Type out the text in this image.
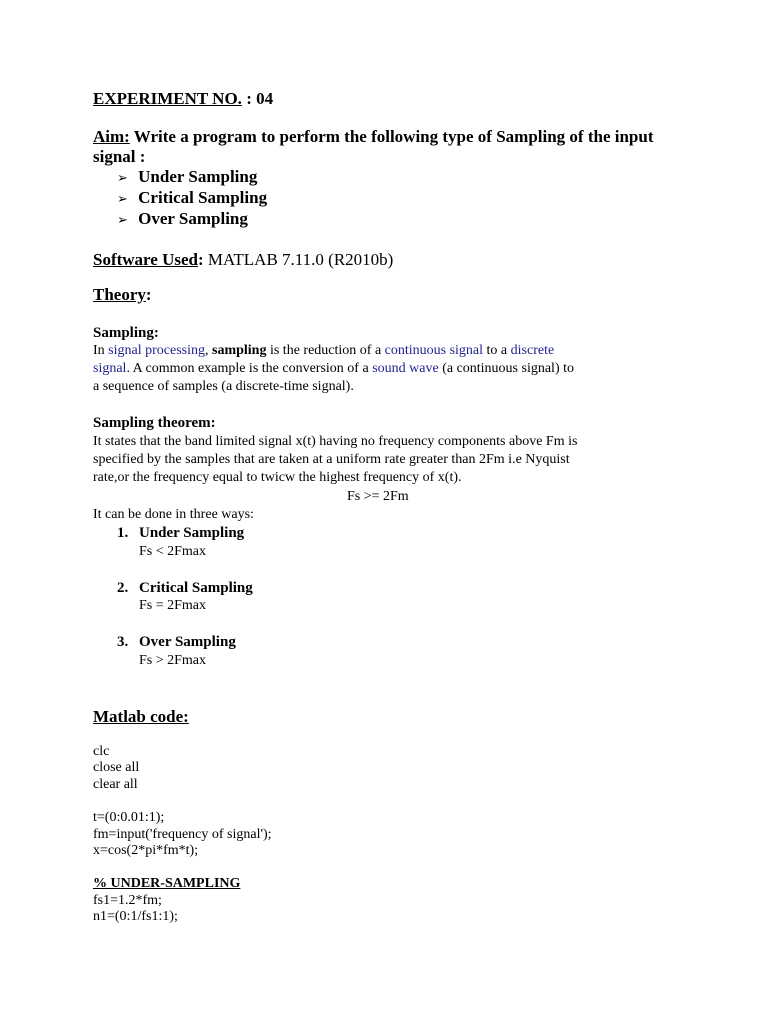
EXPERIMENT NO. : 04
Aim: Write a program to perform the following type of Sampling of the input
signal :
➢ Under Sampling
➢ Critical Sampling
➢ Over Sampling
Software Used: MATLAB 7.11.0 (R2010b)
Theory:
Sampling:
In signal processing, sampling is the reduction of a continuous signal to a discrete
signal. A common example is the conversion of a sound wave (a continuous signal) to
a sequence of samples (a discrete-time signal).
Sampling theorem:
It states that the band limited signal x(t) having no frequency components above Fm is
specified by the samples that are taken at a uniform rate greater than 2Fm i.e Nyquist
rate,or the frequency equal to twicw the highest frequency of x(t).
Fs >= 2Fm
It can be done in three ways:
1. Under Sampling
Fs < 2Fmax
2. Critical Sampling
Fs = 2Fmax
3. Over Sampling
Fs > 2Fmax
Matlab code:
clc
close all
clear all
t=(0:0.01:1);
fm=input('frequency of signal');
x=cos(2*pi*fm*t);
% UNDER-SAMPLING
fs1=1.2*fm;
n1=(0:1/fs1:1);
